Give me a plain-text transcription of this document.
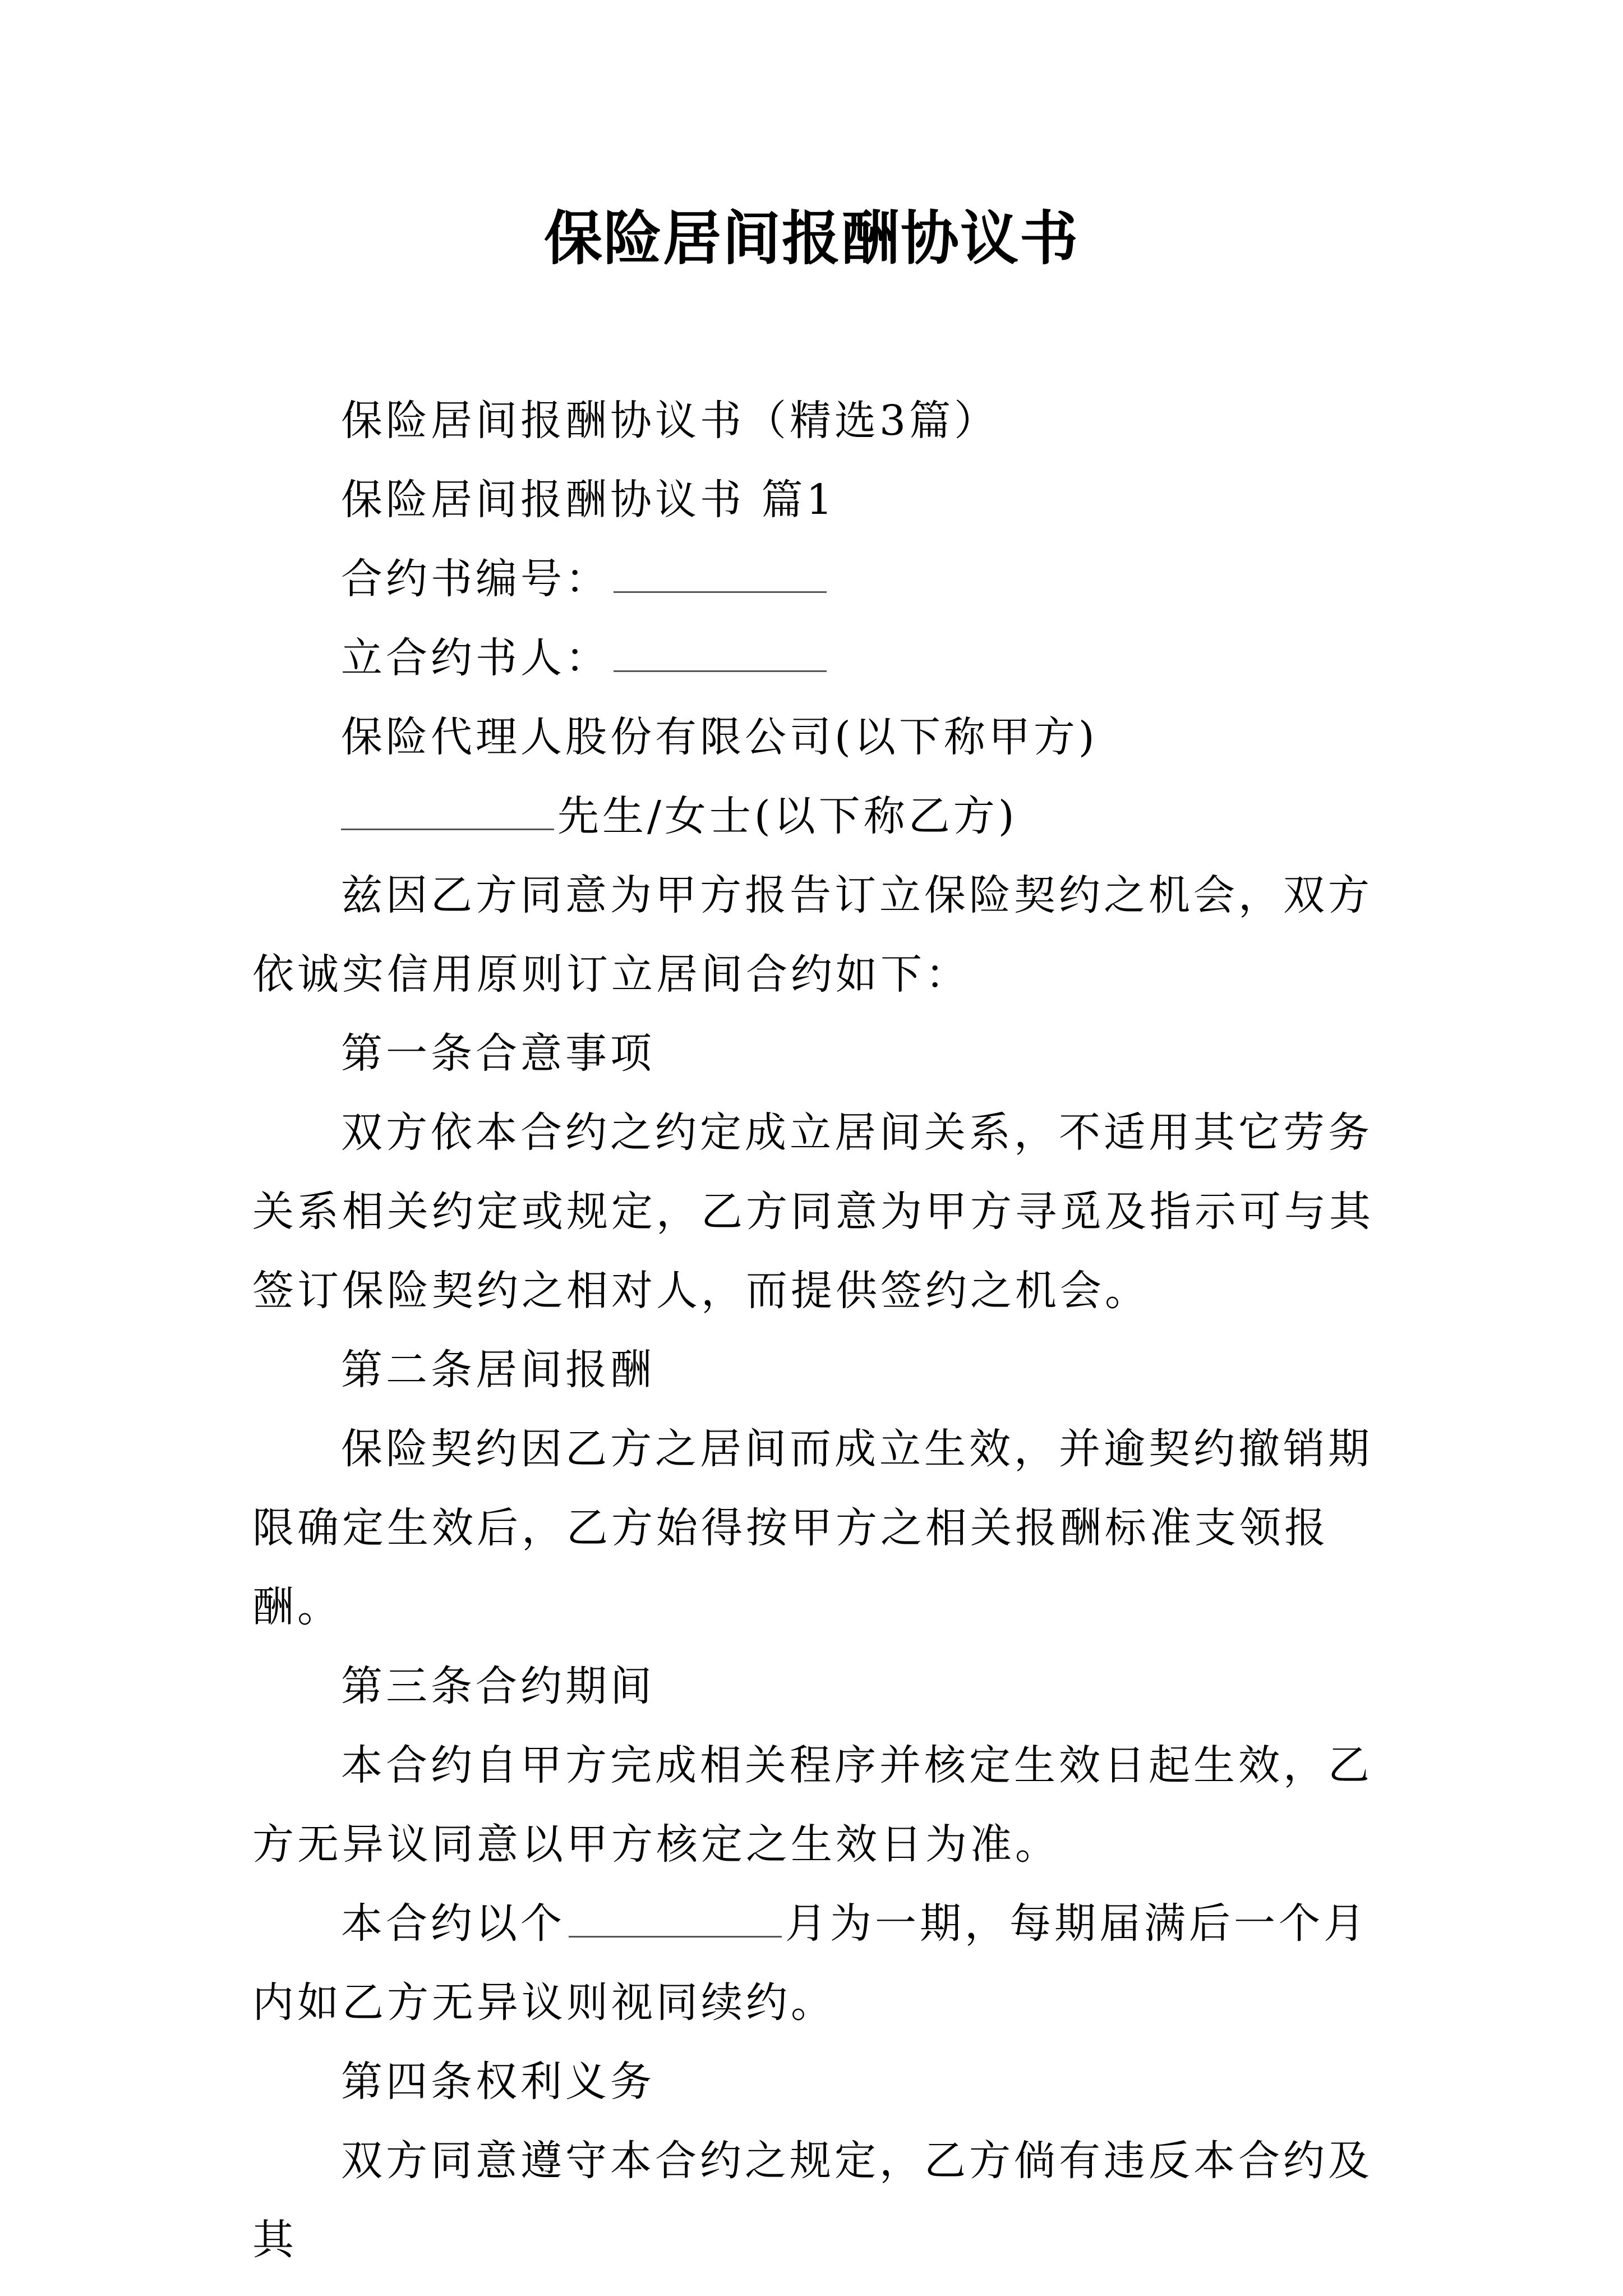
保险居间报酬协议书

保险居间报酬协议书（精选3篇）

保险居间报酬协议书 篇1

合约书编号：

立合约书人：

保险代理人股份有限公司(以下称甲方)

先生/女士(以下称乙方)

兹因乙方同意为甲方报告订立保险契约之机会，双方依诚实信用原则订立居间合约如下：

第一条合意事项

双方依本合约之约定成立居间关系，不适用其它劳务关系相关约定或规定，乙方同意为甲方寻觅及指示可与其签订保险契约之相对人，而提供签约之机会。

第二条居间报酬

保险契约因乙方之居间而成立生效，并逾契约撤销期限确定生效后，乙方始得按甲方之相关报酬标准支领报酬。

第三条合约期间

本合约自甲方完成相关程序并核定生效日起生效，乙方无异议同意以甲方核定之生效日为准。

本合约以个	月为一期，每期届满后一个月内如乙方无异议则视同续约。

第四条权利义务

双方同意遵守本合约之规定，乙方倘有违反本合约及其
